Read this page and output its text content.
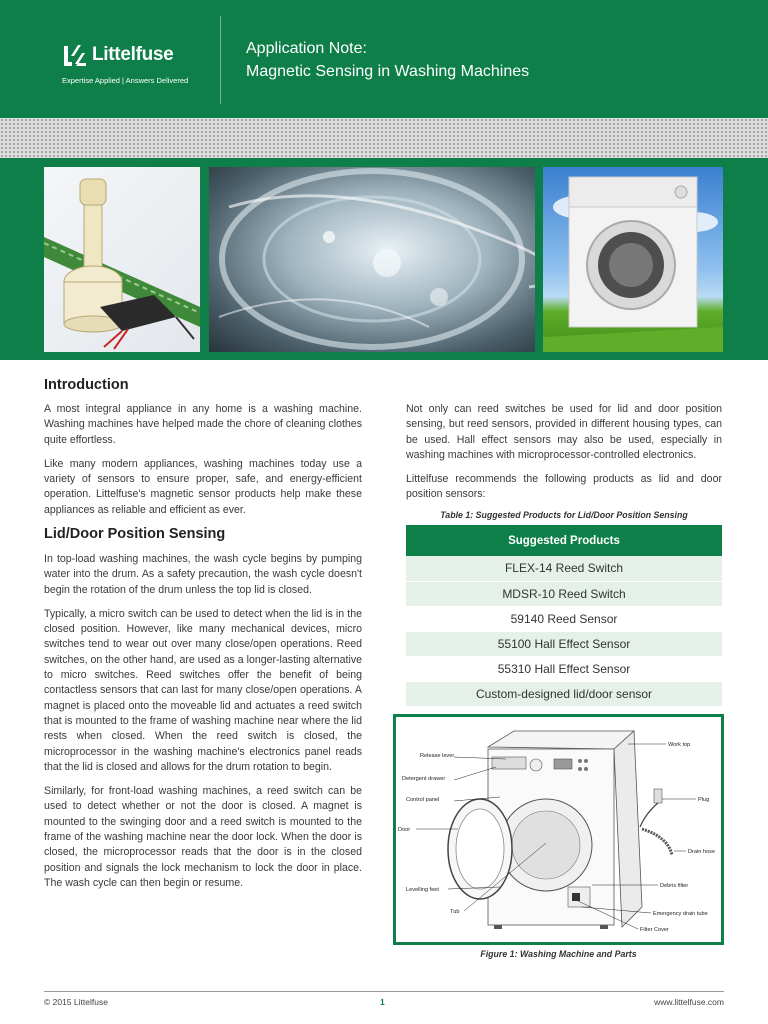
Littelfuse
Expertise Applied | Answers Delivered
Application Note:
Magnetic Sensing in Washing Machines
Introduction

A most integral appliance in any home is a washing machine. Washing machines have helped made the chore of cleaning clothes quite effortless.

Like many modern appliances, washing machines today use a variety of sensors to ensure proper, safe, and energy-efficient operation. Littelfuse's magnetic sensor products help make these appliances as reliable and efficient as ever.

Lid/Door Position Sensing

In top-load washing machines, the wash cycle begins by pumping water into the drum. As a safety precaution, the wash cycle doesn't begin the rotation of the drum unless the top lid is closed.

Typically, a micro switch can be used to detect when the lid is in the closed position. However, like many mechanical devices, micro switches tend to wear out over many close/open operations. Reed switches, on the other hand, are used as a longer-lasting alternative to micro switches. Reed switches offer the benefit of being contactless sensors that can last for many close/open operations. A magnet is placed onto the moveable lid and actuates a reed switch that is mounted to the frame of washing machine near where the lid rests when closed. When the reed switch is closed, the microprocessor in the washing machine's electronics panel reads that the lid is closed and allows for the drum rotation to begin.

Similarly, for front-load washing machines, a reed switch can be used to detect whether or not the door is closed. A magnet is mounted to the swinging door and a reed switch is mounted to the frame of the washing machine near the door lock. When the door is closed, the microprocessor reads that the door is in the closed position and signals the lock mechanism to lock the door in place. The wash cycle can then begin or resume.

Not only can reed switches be used for lid and door position sensing, but reed sensors, provided in different housing types, can be used. Hall effect sensors may also be used, especially in washing machines with microprocessor-controlled electronics.

Littelfuse recommends the following products as lid and door position sensors:

Table 1: Suggested Products for Lid/Door Position Sensing
Suggested Products
FLEX-14 Reed Switch
MDSR-10 Reed Switch
59140 Reed Sensor
55100 Hall Effect Sensor
55310 Hall Effect Sensor
Custom-designed lid/door sensor
Release lever
Detergent drawer
Control panel
Door
Levelling feet
Tub
Work top
Plug
Drain hose
Debris filter
Emergency drain tube
Filter Cover
Figure 1: Washing Machine and Parts
© 2015 Littelfuse	1	www.littelfuse.com
